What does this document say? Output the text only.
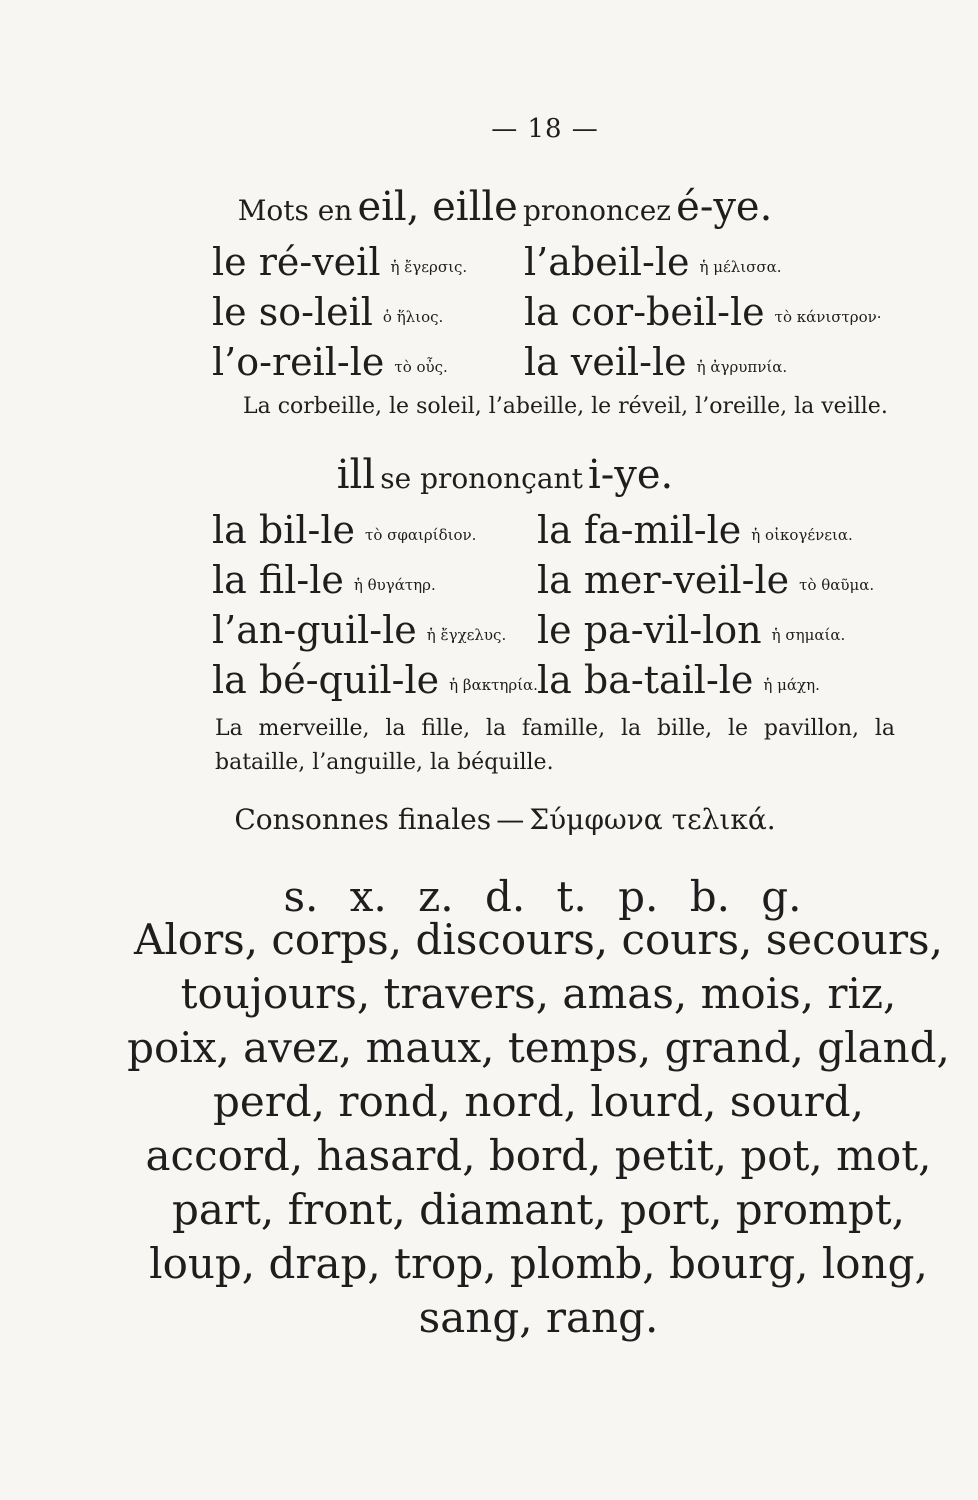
— 18 —
Mots en eil, eille prononcez é-ye.
le ré-veil ἡ ἔγερσις. l’abeil-le ἡ μέλισσα.
le so-leil ὁ ἥλιος. la cor-beil-le τὸ κάνιστρον·
l’o-reil-le τὸ οὖς. la veil-le ἡ ἀγρυπνία.
La corbeille, le soleil, l’abeille, le réveil, l’oreille, la veille.
ill se prononçant i-ye.
la bil-le τὸ σφαιρίδιον. la fa-mil-le ἡ οἰκογένεια.
la fil-le ἡ θυγάτηρ.	la mer-veil-le τὸ θαῦμα.
l’an-guil-le ἡ ἔγχελυς. le pa-vil-lon ἡ σημαία.
la bé-quil-le ἡ βακτηρία. la ba-tail-le ἡ μάχη.
La merveille, la fille, la famille, la bille, le pavillon, la bataille, l’anguille, la béquille.
Consonnes finales — Σύμφωνα τελικά.
s. x. z. d. t. p. b. g.
Alors, corps, discours, cours, secours,
toujours, travers, amas, mois, riz,
poix, avez, maux, temps, grand, gland,
perd, rond, nord, lourd, sourd,
accord, hasard, bord, petit, pot, mot,
part, front, diamant, port, prompt,
loup, drap, trop, plomb, bourg, long,
sang, rang.
